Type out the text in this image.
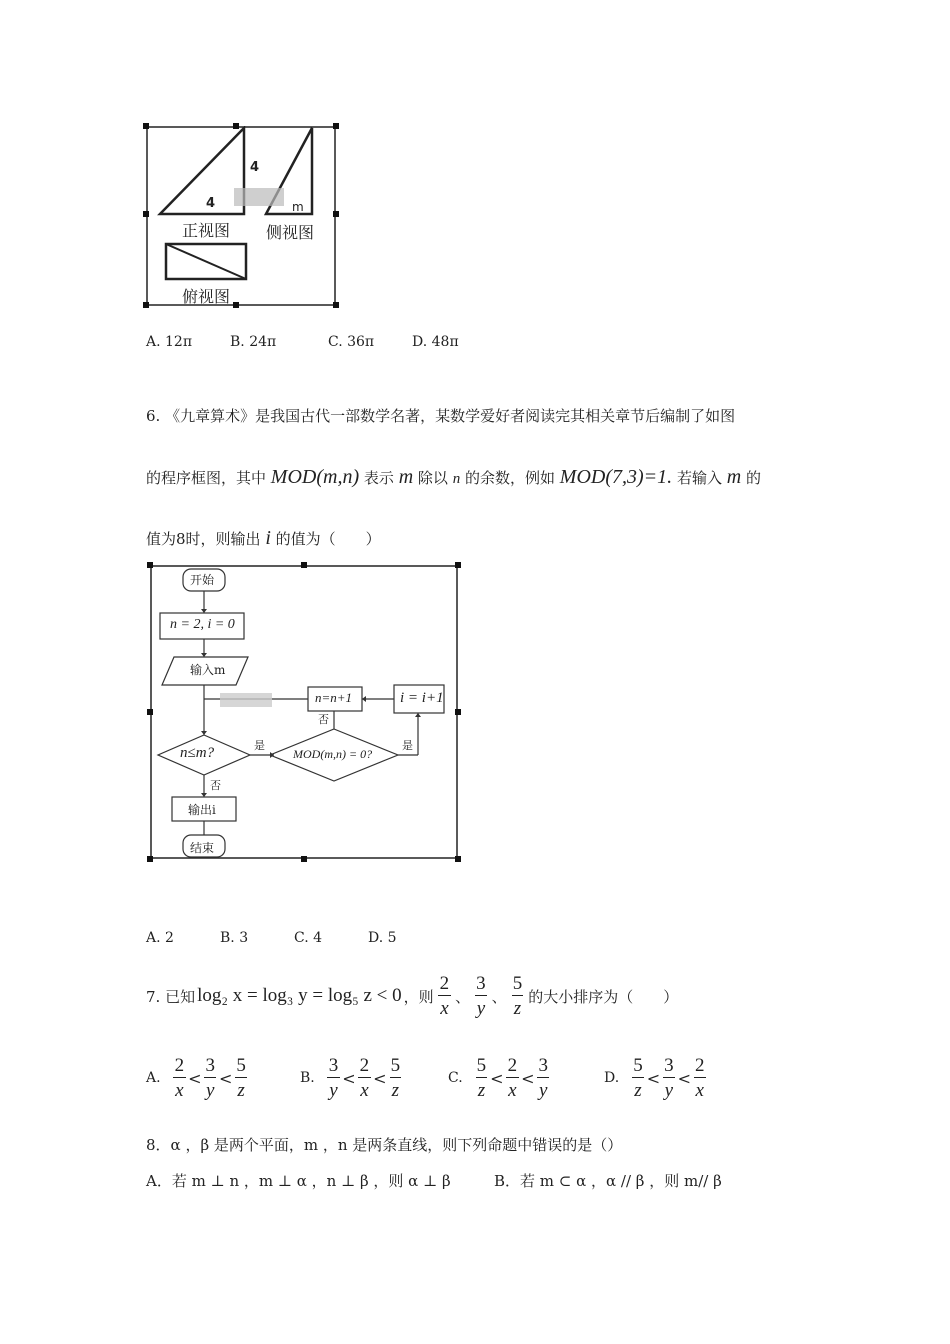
4
4	m
正视图 侧视图
俯视图
A. 12π	B. 24π	C. 36π	D. 48π
6. 《九章算术》是我国古代一部数学名著，某数学爱好者阅读完其相关章节后编制了如图
的程序框图，其中 MOD(m,n) 表示 m 除以 n 的余数，例如 MOD(7,3)=1. 若输入 m 的
值为8时，则输出 i 的值为（　　）
开始
n = 2, i = 0
输入m
n=n+1	i = i+1
n≤m?	MOD(m,n) = 0?
是	是
否
否
输出i
结束
A. 2	B. 3	C. 4	D. 5
7. 已知 log₂ x = log₃ y = log₅ z < 0 ，则 $\frac{2}{x}$ 、 $\frac{3}{y}$ 、 $\frac{5}{z}$ 的大小排序为（　　）
A. $\frac{2}{x} < \frac{3}{y} < \frac{5}{z}$	B. $\frac{3}{y} < \frac{2}{x} < \frac{5}{z}$	C. $\frac{5}{z} < \frac{2}{x} < \frac{3}{y}$	D. $\frac{5}{z} < \frac{3}{y} < \frac{2}{x}$
8．α ，β 是两个平面，m ，n 是两条直线，则下列命题中错误的是（）
A．若 m ⊥ n ，m ⊥ α ，n ⊥ β ，则 α ⊥ β	B．若 m ⊂ α ，α // β ，则 m// β
